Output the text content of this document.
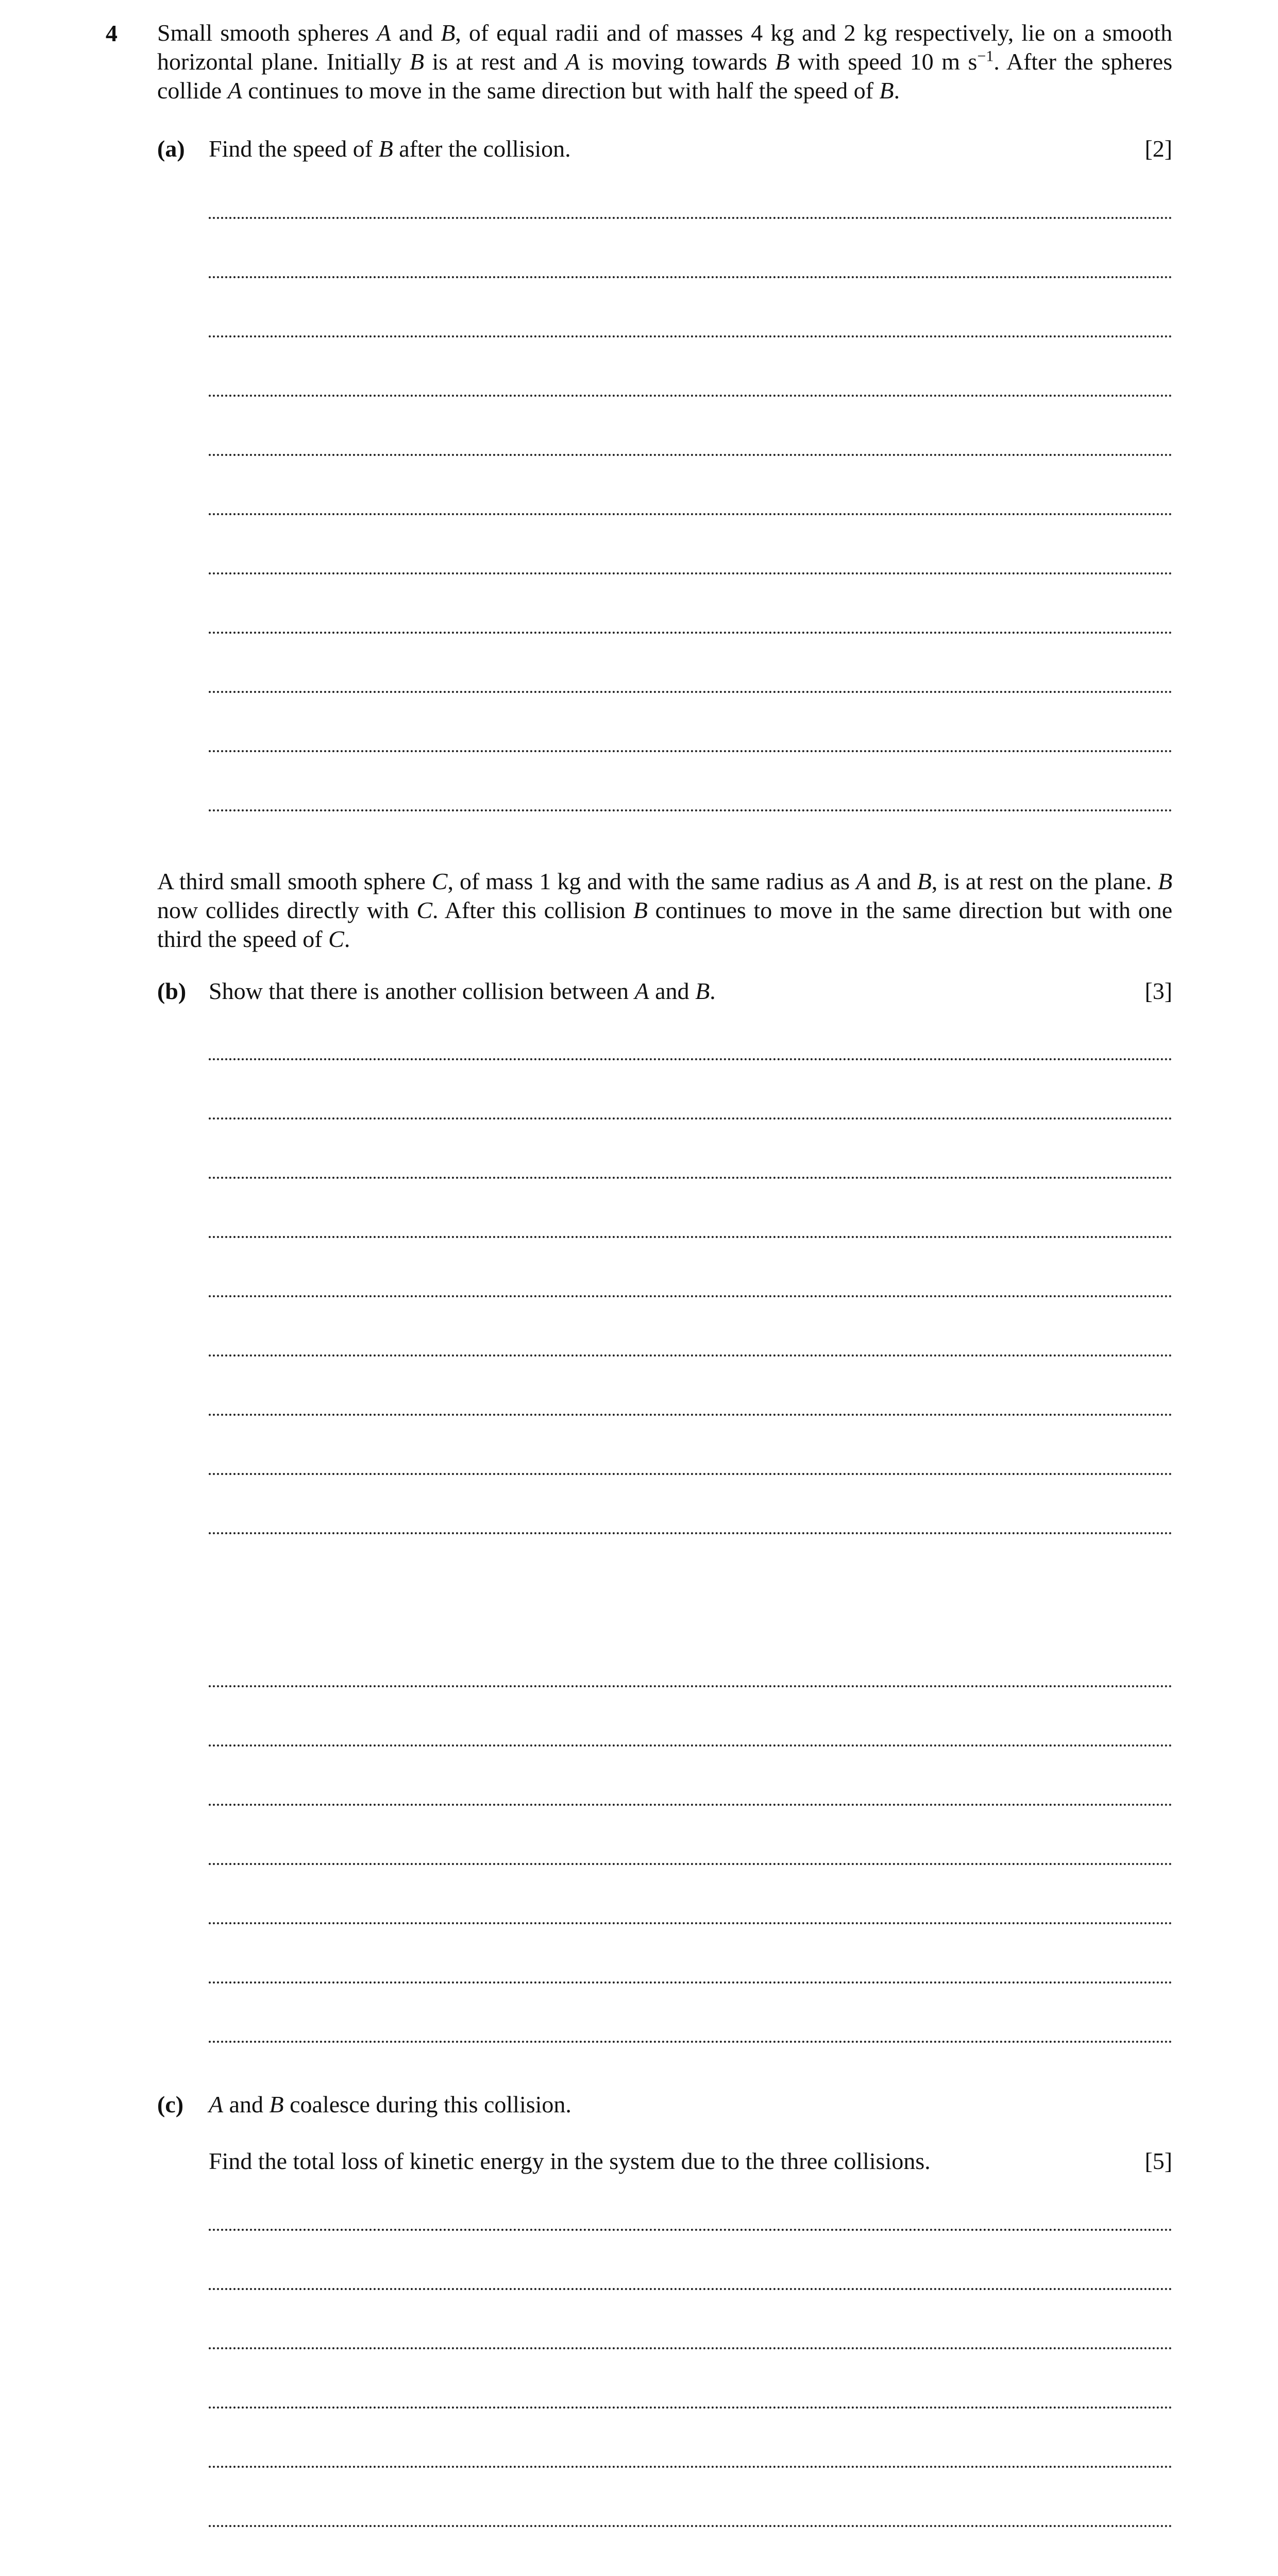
4 Small smooth spheres A and B, of equal radii and of masses 4 kg and 2 kg respectively, lie on a smooth horizontal plane. Initially B is at rest and A is moving towards B with speed 10 m $s^{-1}$. After the spheres collide A continues to move in the same direction but with half the speed of B.
(a) Find the speed of B after the collision.	[2]
A third small smooth sphere C, of mass 1 kg and with the same radius as A and B, is at rest on the plane. B now collides directly with C. After this collision B continues to move in the same direction but with one third the speed of C.
(b) Show that there is another collision between A and B.	[3]
(c) A and B coalesce during this collision.
Find the total loss of kinetic energy in the system due to the three collisions.	[5]
